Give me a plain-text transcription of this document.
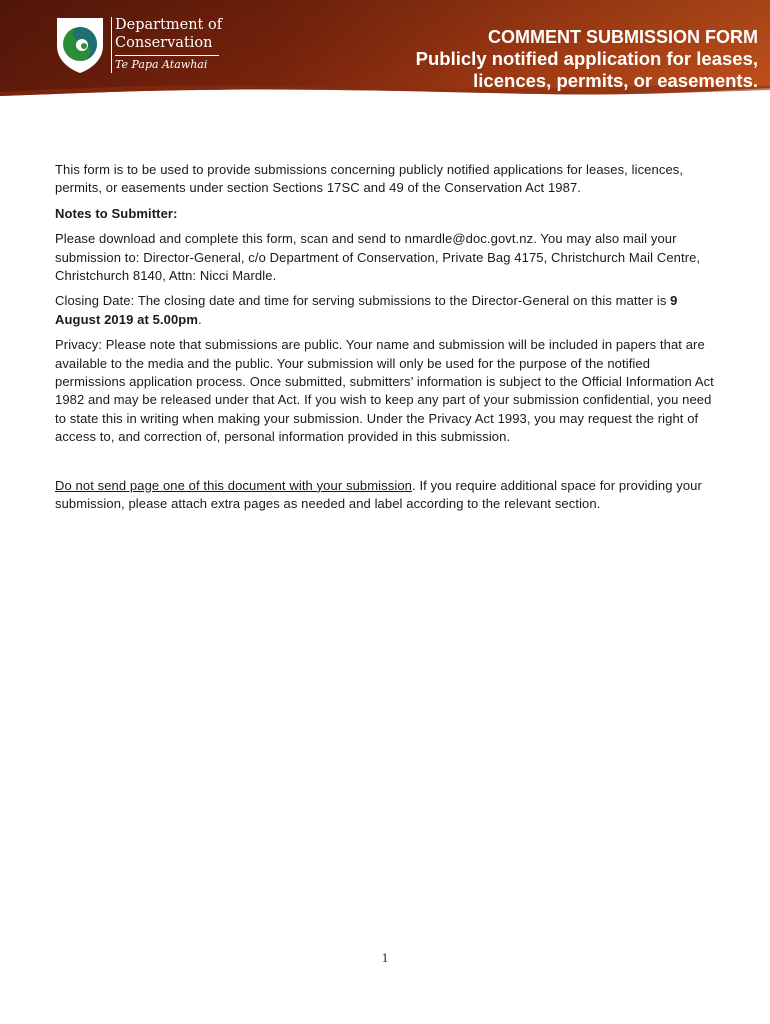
Department of
Conservation
Te Papa Atawhai
COMMENT SUBMISSION FORM
Publicly notified application for leases,
licences, permits, or easements.

This form is to be used to provide submissions concerning publicly notified applications for leases, licences, permits, or easements under section Sections 17SC and 49 of the Conservation Act 1987.

Notes to Submitter:

Please download and complete this form, scan and send to nmardle@doc.govt.nz. You may also mail your submission to: Director-General, c/o Department of Conservation, Private Bag 4175, Christchurch Mail Centre, Christchurch 8140, Attn: Nicci Mardle.

Closing Date: The closing date and time for serving submissions to the Director-General on this matter is 9 August 2019 at 5.00pm.

Privacy: Please note that submissions are public. Your name and submission will be included in papers that are available to the media and the public. Your submission will only be used for the purpose of the notified permissions application process. Once submitted, submitters’ information is subject to the Official Information Act 1982 and may be released under that Act. If you wish to keep any part of your submission confidential, you need to state this in writing when making your submission. Under the Privacy Act 1993, you may request the right of access to, and correction of, personal information provided in this submission.

Do not send page one of this document with your submission. If you require additional space for providing your submission, please attach extra pages as needed and label according to the relevant section.

1
